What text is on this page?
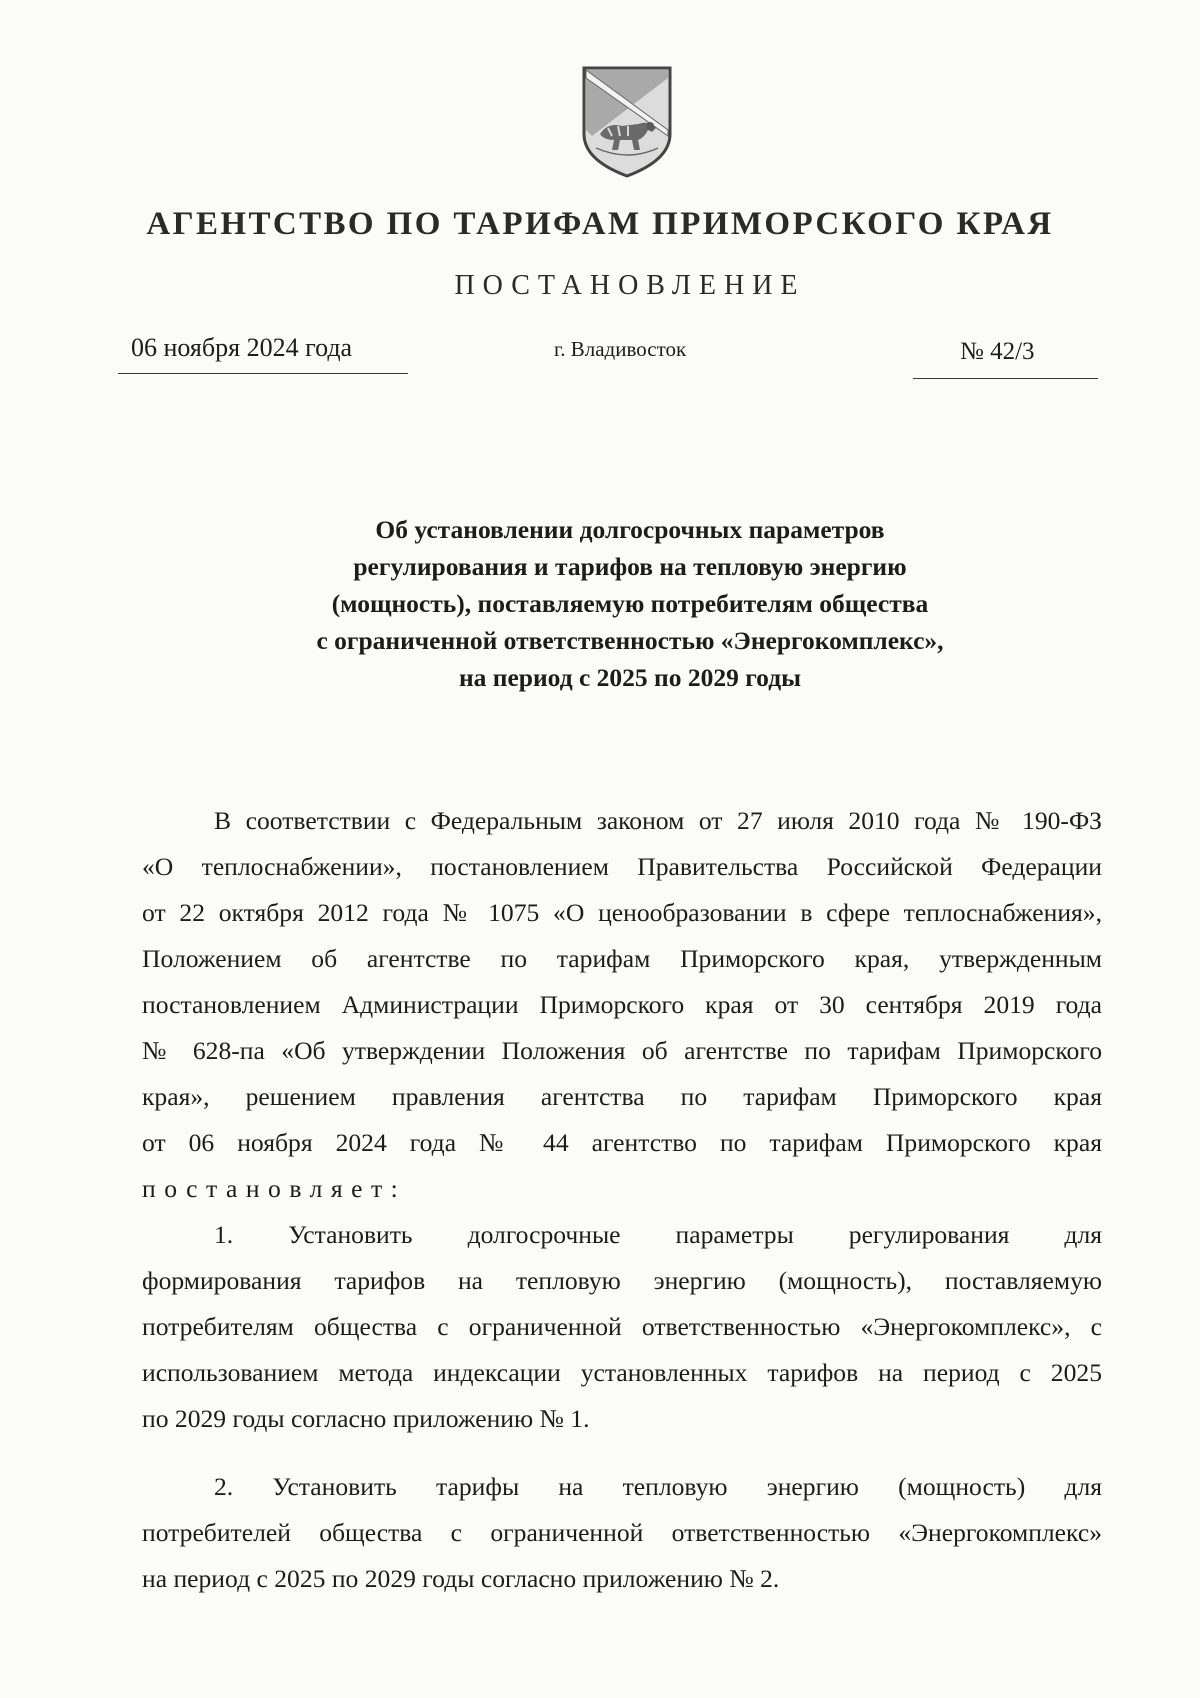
АГЕНТСТВО ПО ТАРИФАМ ПРИМОРСКОГО КРАЯ
ПОСТАНОВЛЕНИЕ
06 ноября 2024 года	г. Владивосток	№ 42/3
Об установлении долгосрочных параметров
регулирования и тарифов на тепловую энергию
(мощность), поставляемую потребителям общества
с ограниченной ответственностью «Энергокомплекс»,
на период с 2025 по 2029 годы
В соответствии с Федеральным законом от 27 июля 2010 года № 190-ФЗ
«О теплоснабжении», постановлением Правительства Российской Федерации
от 22 октября 2012 года № 1075 «О ценообразовании в сфере теплоснабжения»,
Положением об агентстве по тарифам Приморского края, утвержденным
постановлением Администрации Приморского края от 30 сентября 2019 года
№ 628-па «Об утверждении Положения об агентстве по тарифам Приморского
края», решением правления агентства по тарифам Приморского края
от 06 ноября 2024 года № 44 агентство по тарифам Приморского края
постановляет:
1. Установить долгосрочные параметры регулирования для
формирования тарифов на тепловую энергию (мощность), поставляемую
потребителям общества с ограниченной ответственностью «Энергокомплекс», с
использованием метода индексации установленных тарифов на период с 2025
по 2029 годы согласно приложению № 1.
2. Установить тарифы на тепловую энергию (мощность) для
потребителей общества с ограниченной ответственностью «Энергокомплекс»
на период с 2025 по 2029 годы согласно приложению № 2.
